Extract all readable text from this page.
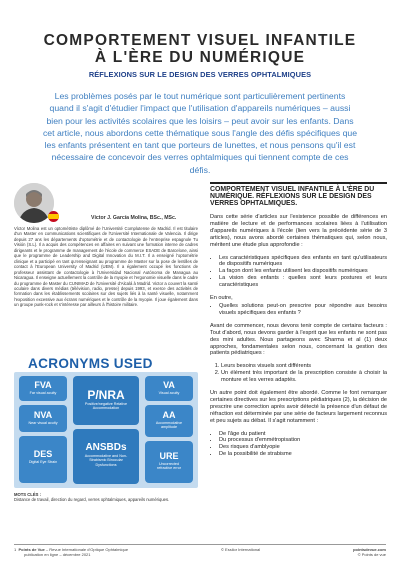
COMPORTEMENT VISUEL INFANTILE
À L'ÈRE DU NUMÉRIQUE
RÉFLEXIONS SUR LE DESIGN DES VERRES OPHTALMIQUES
Les problèmes posés par le tout numérique sont particulièrement pertinents quand il s'agit d'étudier l'impact que l'utilisation d'appareils numériques – aussi bien pour les activités scolaires que les loisirs – peut avoir sur les enfants. Dans cet article, nous abordons cette thématique sous l'angle des défis spécifiques que les enfants présentent en tant que porteurs de lunettes, et nous pensons qu'il est nécessaire de concevoir des verres ophtalmiques qui tiennent compte de ces défis.
Víctor J. García Molina, BSc., MSc.
Víctor Molina est un optométriste diplômé de l'Université Complutense de Madrid. Il est titulaire d'un Master en communications scientifiques de l'Université Internationale de Valencia. Il dirige depuis 27 ans les départements d'optométrie et de contactologie de l'entreprise espagnole Tu Visión (S.L). Il a acquis des compétences en affaires en suivant une formation interne de cadres dirigeants et le programme de management de l'école de commerce ESADE de Barcelone, ainsi que le programme de Leadership and Digital Innovation du M.I.T. Il a enseigné l'optométrie clinique et a participé en tant qu'enseignant au programme de Master sur la pose de lentilles de contact à l'European University of Madrid (UEM). Il a également occupé les fonctions de professeur assistant de contactologie à l'Universidad Nacional Autónoma de Managua au Nicaragua. Il enseigne actuellement la contrôle de la myopie et l'ergonomie visuelle dans le cadre du programme de Master du CUNIMAD de l'Université d'Alcalá à Madrid. Victor a couvert la santé oculaire dans divers médias (télévision, radio, presse) depuis 1993, et exerce des activités de formation dans les établissements scolaires sur des sujets liés à la santé visuelle, notamment l'exposition excessive aux écrans numériques et le contrôle de la myopie. Il joue également dans un groupe punk-rock et s'intéresse par ailleurs à l'histoire militaire.
ACRONYMS USED
FVA
Far visual acuity	P/NRA
Positive/negative Relative Accommodation
VA
Visual acuity
NVA
Near visual acuity
AA
Accommodative amplitude
ANSBDs
Accommodative and Non-Strabismic Binocular Dysfunctions
DES
Digital Eye Strain
URE
Uncorrected refractive error
MOTS CLÉS :
Distance de travail, direction du regard, verres ophtalmiques, appareils numériques.

COMPORTEMENT VISUEL INFANTILE À L'ÈRE DU NUMÉRIQUE. RÉFLEXIONS SUR LE DESIGN DES VERRES OPHTALMIQUES.

Dans cette série d'articles sur l'existence possible de différences en matière de lecture et de performances scolaires liées à l'utilisation d'appareils numériques à l'école (lien vers la précédente série de 3 articles), nous avons abordé certaines thématiques qui, selon nous, méritent une étude plus approfondie :

• Les caractéristiques spécifiques des enfants en tant qu'utilisateurs de dispositifs numériques
• La façon dont les enfants utilisent les dispositifs numériques
• La vision des enfants : quelles sont leurs postures et leurs caractéristiques

En outre,

• Quelles solutions peut-on prescrire pour répondre aux besoins visuels spécifiques des enfants ?

Avant de commencer, nous devons tenir compte de certains facteurs : Tout d'abord, nous devons garder à l'esprit que les enfants ne sont pas des mini adultes. Nous partageons avec Sharma et al (1) deux approches, fondamentales selon nous, concernant la gestion des patients pédiatriques :

1. Leurs besoins visuels sont différents
2. Un élément très important de la prescription consiste à choisir la monture et les verres adaptés.

Un autre point doit également être abordé. Comme le font remarquer certaines directives sur les prescriptions pédiatriques (2), la décision de prescrire une correction après avoir détecté la présence d'un défaut de réfraction est déterminée par une série de facteurs largement reconnus et peu sujets au débat. Il s'agit notamment :

• De l'âge du patient
• Du processus d'emmétropisation
• Des risques d'amblyopie
• De la possibilité de strabisme
1 Points de Vue – Revue Internationale d'Optique Ophtalmique
publication en ligne – décembre 2021
© Essilor International	pointsdevue.com
© Points de vue
